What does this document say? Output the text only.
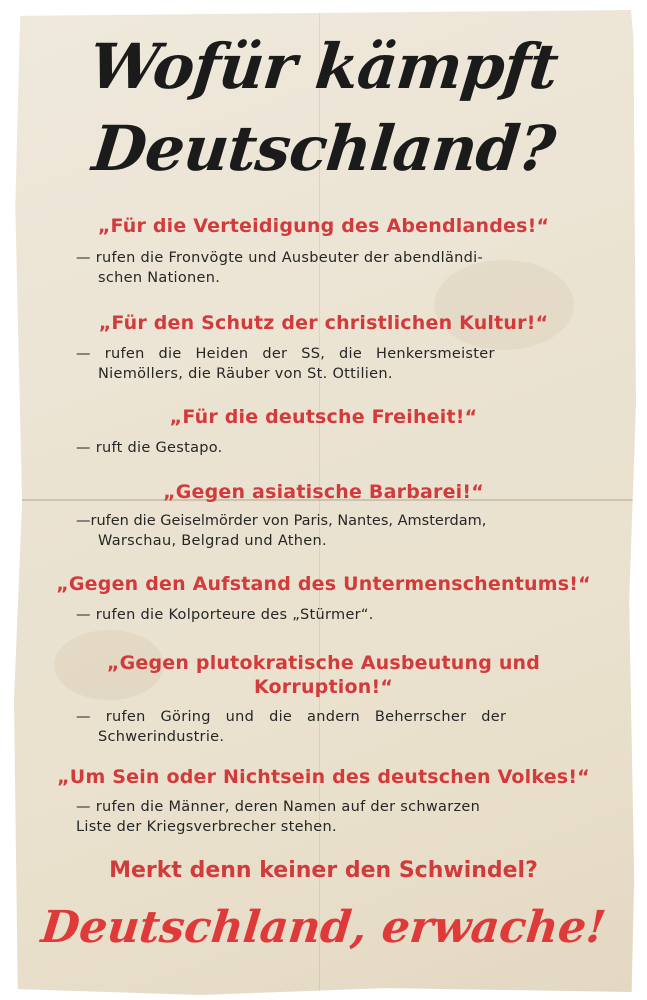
Wofür kämpft
Deutschland?

„Für die Verteidigung des Abendlandes!“

— rufen die Fronvögte und Ausbeuter der abendländi-
schen Nationen.

„Für den Schutz der christlichen Kultur!“

— rufen die Heiden der SS, die Henkersmeister
Niemöllers, die Räuber von St. Ottilien.

„Für die deutsche Freiheit!“

— ruft die Gestapo.

„Gegen asiatische Barbarei!“

—rufen die Geiselmörder von Paris, Nantes, Amsterdam,
Warschau, Belgrad und Athen.

„Gegen den Aufstand des Untermenschentums!“

— rufen die Kolporteure des „Stürmer“.

„Gegen plutokratische Ausbeutung und

Korruption!“

— rufen Göring und die andern Beherrscher der
Schwerindustrie.

„Um Sein oder Nichtsein des deutschen Volkes!“

— rufen die Männer, deren Namen auf der schwarzen
Liste der Kriegsverbrecher stehen.

Merkt denn keiner den Schwindel?

Deutschland, erwache!
